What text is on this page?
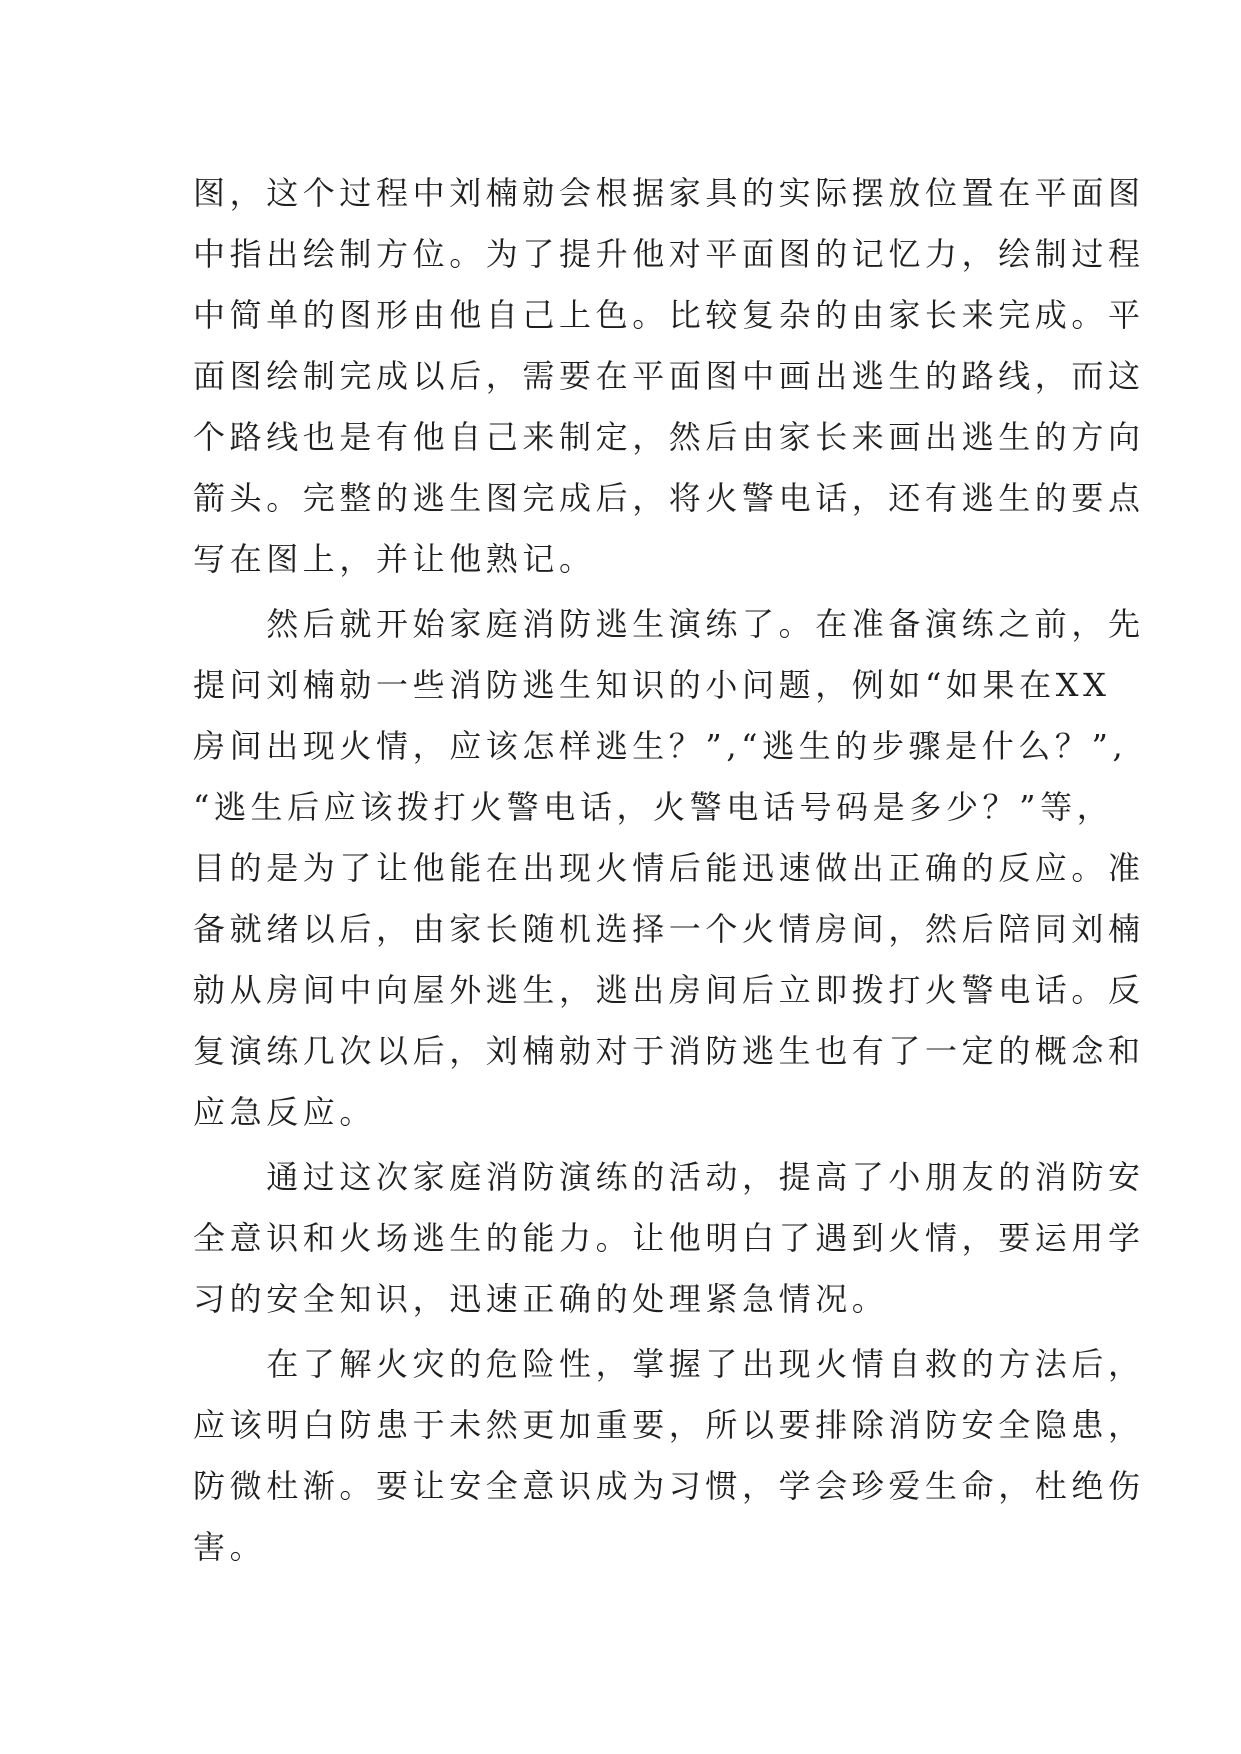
图，这个过程中刘楠勍会根据家具的实际摆放位置在平面图
中指出绘制方位。为了提升他对平面图的记忆力，绘制过程
中简单的图形由他自己上色。比较复杂的由家长来完成。平
面图绘制完成以后，需要在平面图中画出逃生的路线，而这
个路线也是有他自己来制定，然后由家长来画出逃生的方向
箭头。完整的逃生图完成后，将火警电话，还有逃生的要点
写在图上，并让他熟记。
　　然后就开始家庭消防逃生演练了。在准备演练之前，先
提问刘楠勍一些消防逃生知识的小问题，例如“如果在XX
房间出现火情，应该怎样逃生？”,“逃生的步骤是什么？”,
“逃生后应该拨打火警电话，火警电话号码是多少？”等，
目的是为了让他能在出现火情后能迅速做出正确的反应。准
备就绪以后，由家长随机选择一个火情房间，然后陪同刘楠
勍从房间中向屋外逃生，逃出房间后立即拨打火警电话。反
复演练几次以后，刘楠勍对于消防逃生也有了一定的概念和
应急反应。
　　通过这次家庭消防演练的活动，提高了小朋友的消防安
全意识和火场逃生的能力。让他明白了遇到火情，要运用学
习的安全知识，迅速正确的处理紧急情况。
　　在了解火灾的危险性，掌握了出现火情自救的方法后，
应该明白防患于未然更加重要，所以要排除消防安全隐患，
防微杜渐。要让安全意识成为习惯，学会珍爱生命，杜绝伤
害。
